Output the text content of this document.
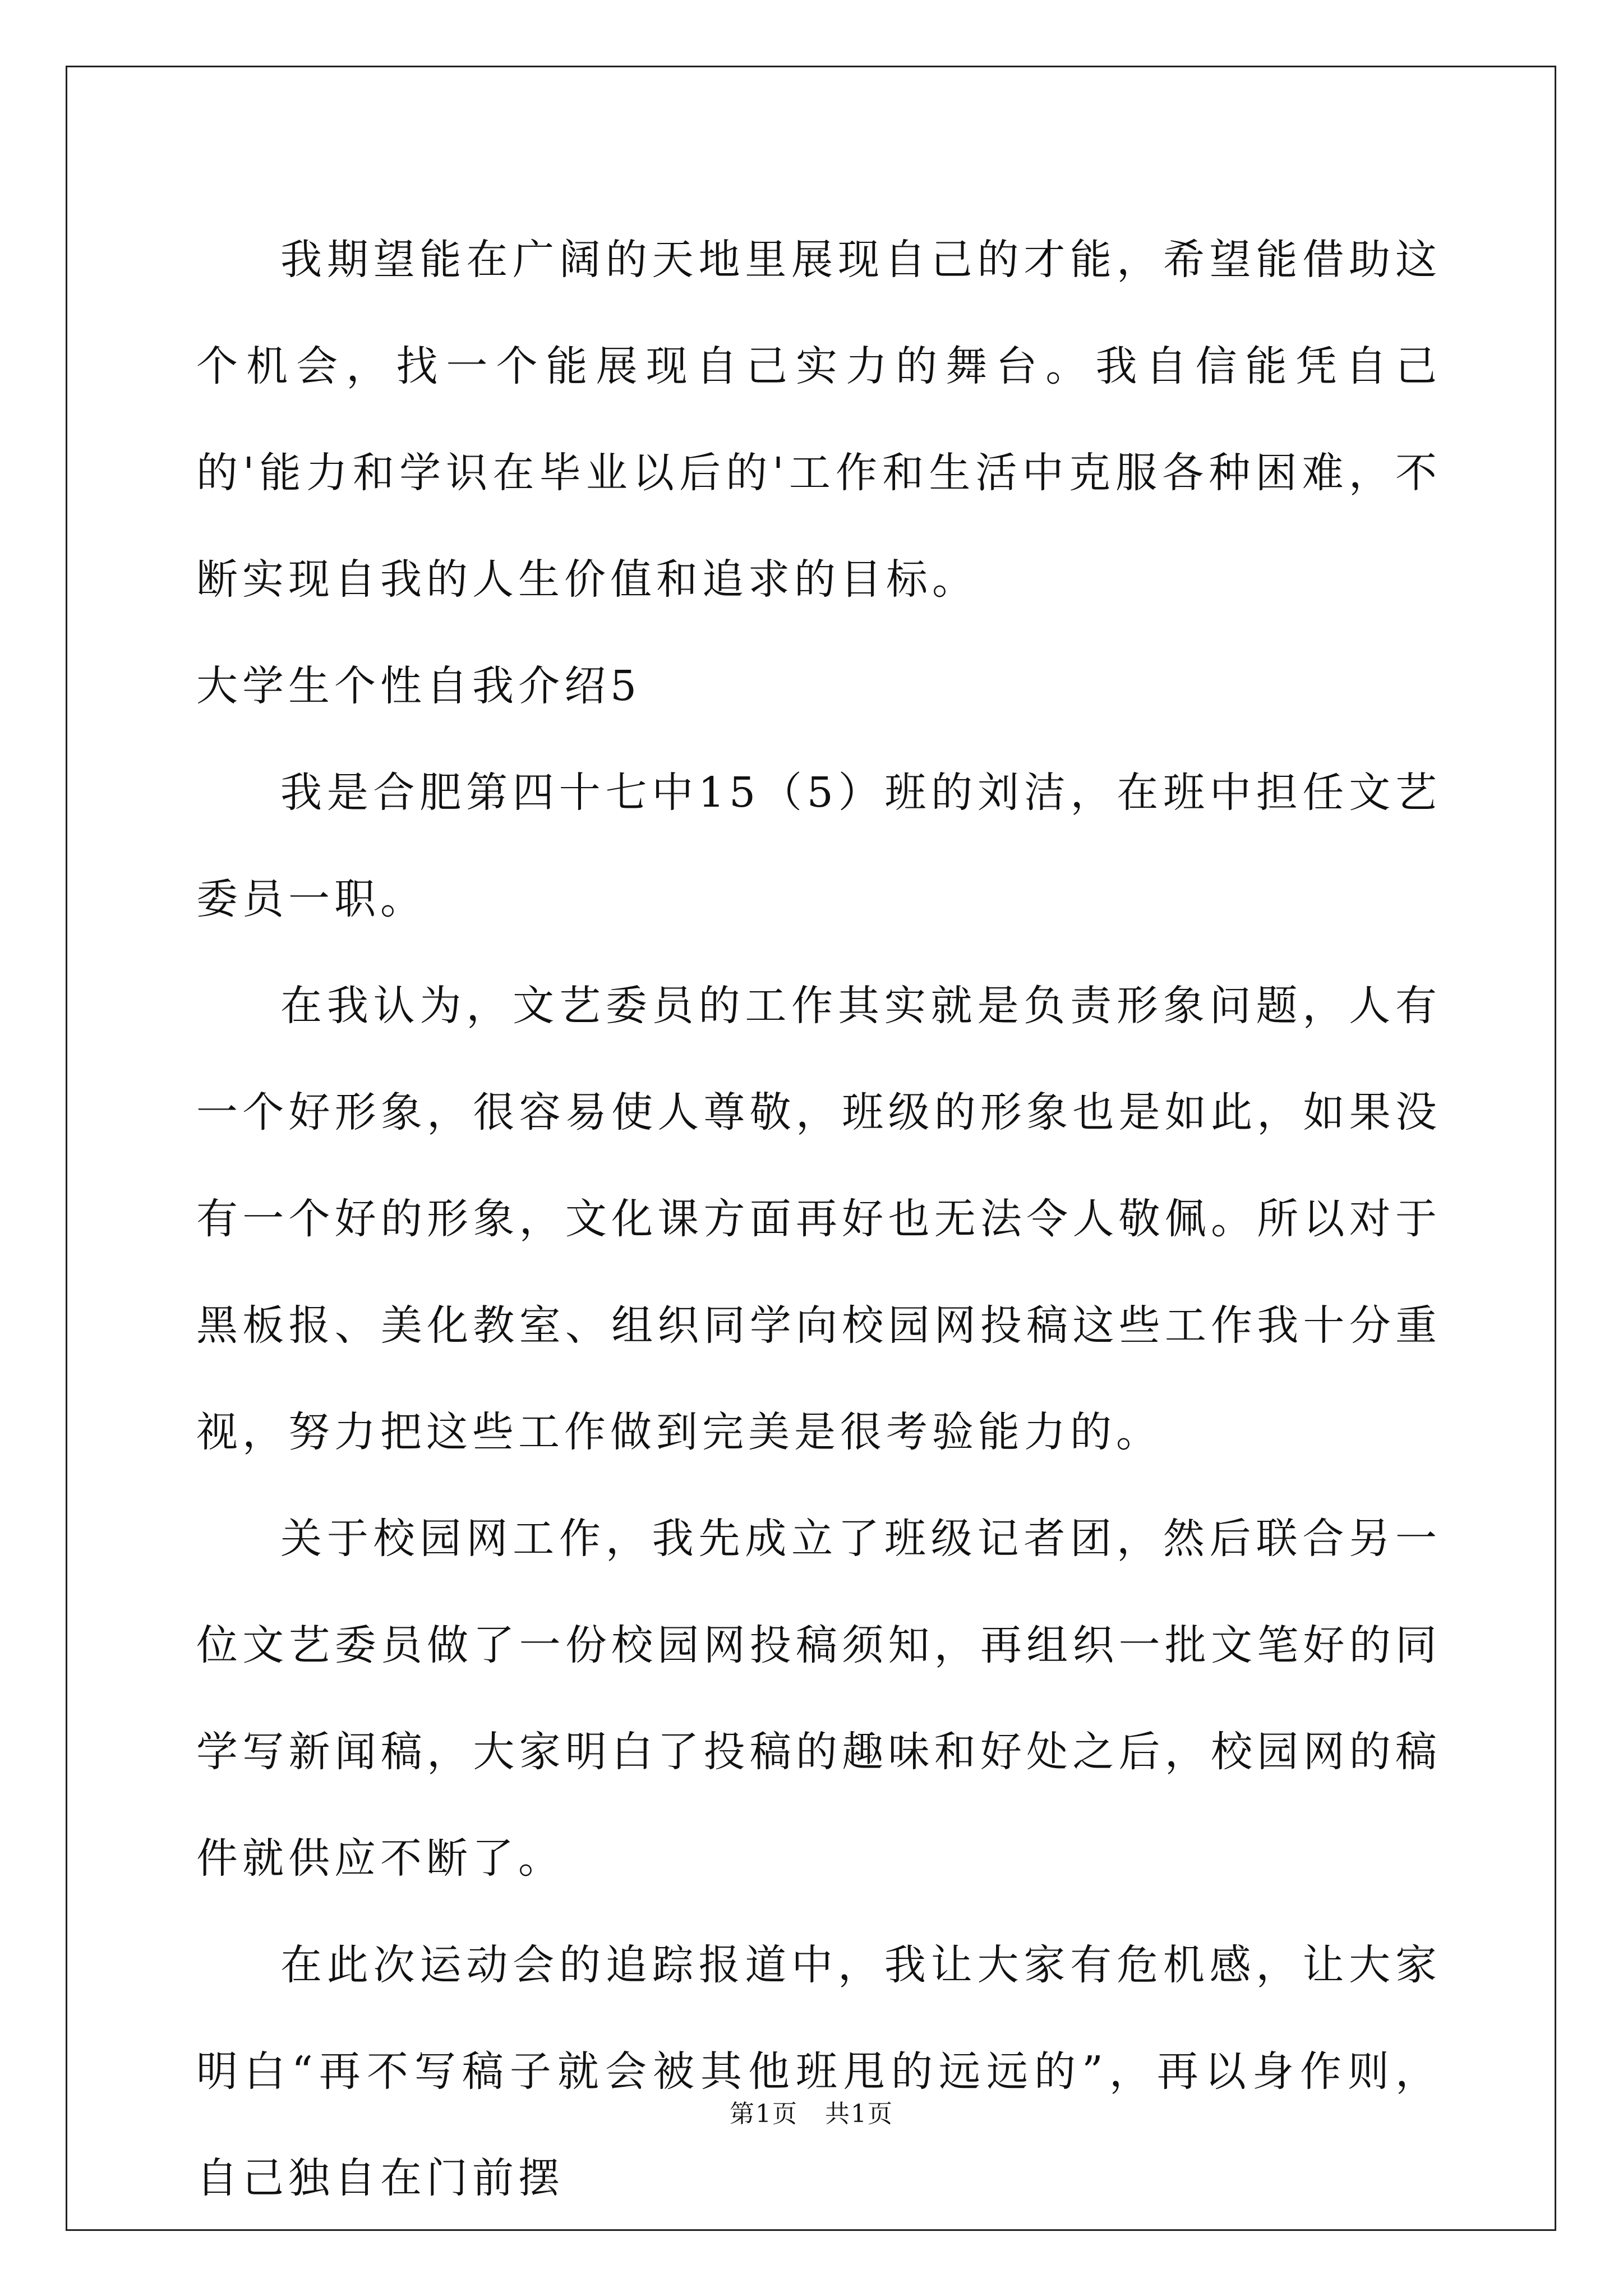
我期望能在广阔的天地里展现自己的才能，希望能借助这个机会，找一个能展现自己实力的舞台。我自信能凭自己的'能力和学识在毕业以后的'工作和生活中克服各种困难，不断实现自我的人生价值和追求的目标。

大学生个性自我介绍5

我是合肥第四十七中15（5）班的刘洁，在班中担任文艺委员一职。

在我认为，文艺委员的工作其实就是负责形象问题，人有一个好形象，很容易使人尊敬，班级的形象也是如此，如果没有一个好的形象，文化课方面再好也无法令人敬佩。所以对于黑板报、美化教室、组织同学向校园网投稿这些工作我十分重视，努力把这些工作做到完美是很考验能力的。

关于校园网工作，我先成立了班级记者团，然后联合另一位文艺委员做了一份校园网投稿须知，再组织一批文笔好的同学写新闻稿，大家明白了投稿的趣味和好处之后，校园网的稿件就供应不断了。

在此次运动会的追踪报道中，我让大家有危机感，让大家明白“再不写稿子就会被其他班甩的远远的”，再以身作则，自己独自在门前摆

第1页 共1页
